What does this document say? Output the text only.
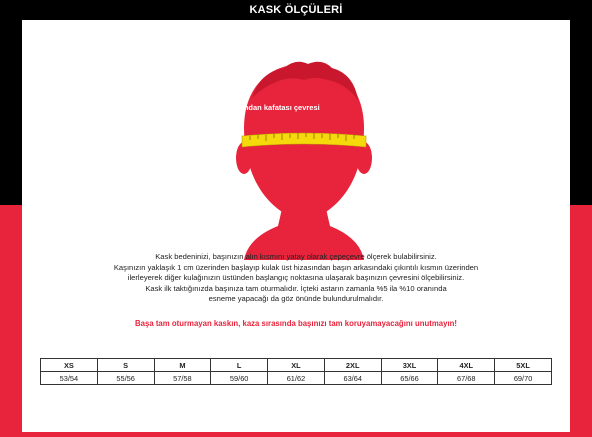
KASK ÖLÇÜLERİ
Alından kafatası çevresi

Kask bedeninizi, başınızın alın kısmını yatay olarak çepeçevre ölçerek bulabilirsiniz.

Kaşınızın yaklaşık 1 cm üzerinden başlayıp kulak üst hizasından başın arkasındaki çıkıntılı kısmın üzerinden

ilerleyerek diğer kulağınızın üstünden başlangıç noktasına ulaşarak başınızın çevresini ölçebilirsiniz.

Kask ilk taktığınızda başınıza tam oturmalıdır. İçteki astarın zamanla %5 ila %10 oranında

esneme yapacağı da göz önünde bulundurulmalıdır.

Başa tam oturmayan kaskın, kaza sırasında başınızı tam koruyamayacağını unutmayın!
XS	S	M	L	XL	2XL	3XL	4XL	5XL
53/54	55/56	57/58	59/60	61/62	63/64	65/66	67/68	69/70
